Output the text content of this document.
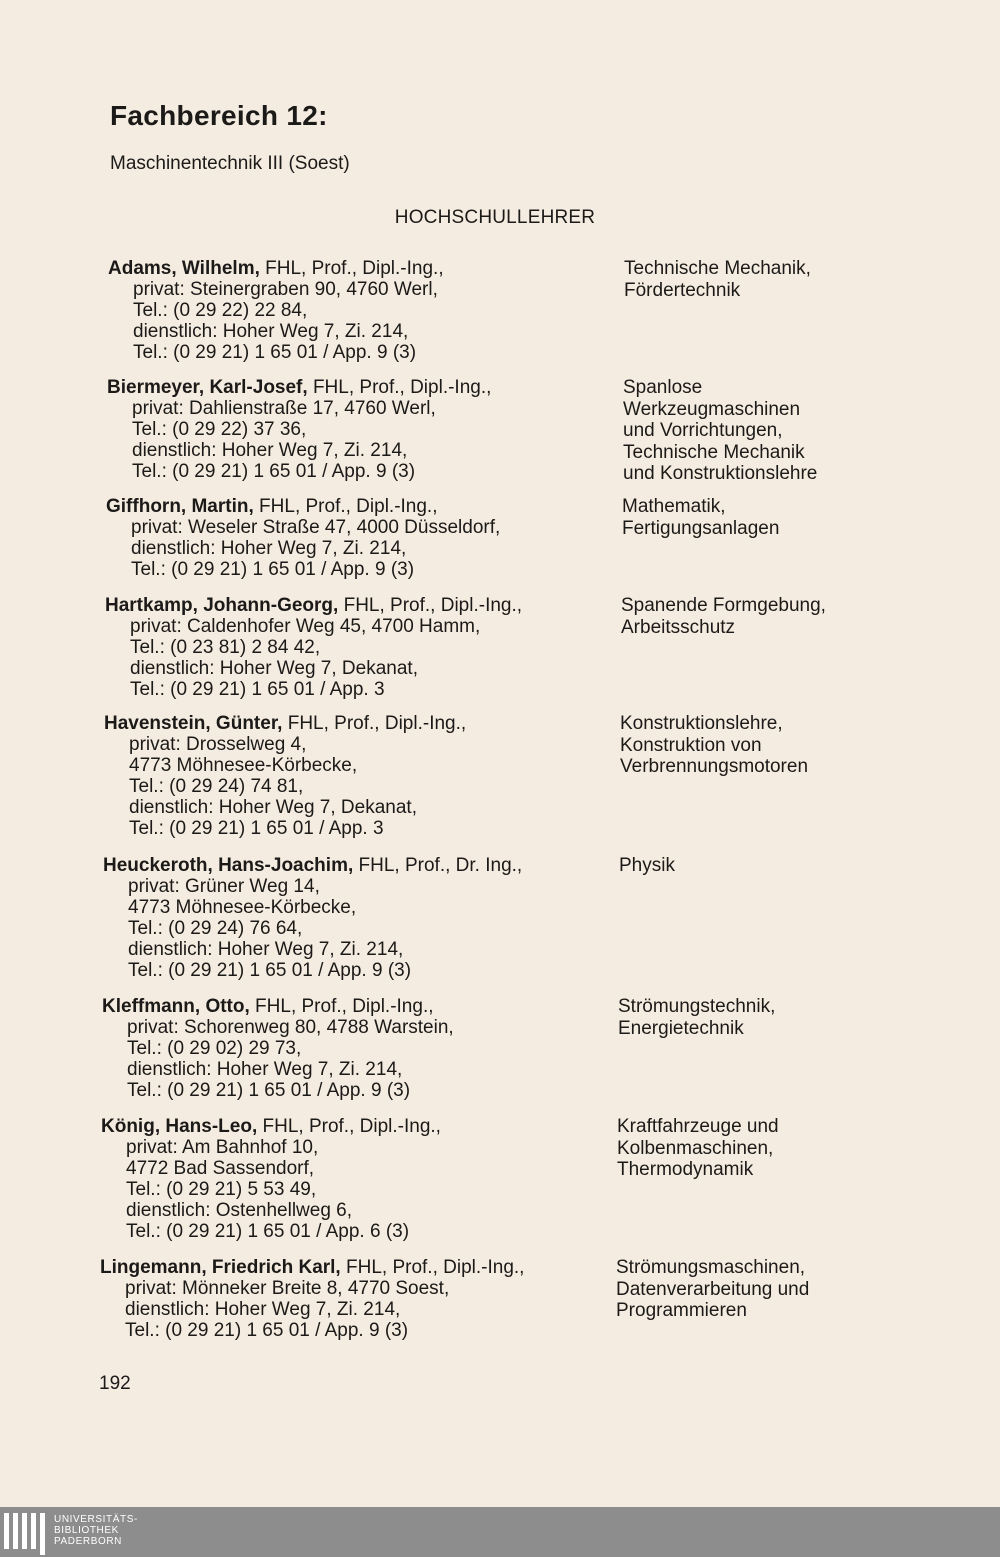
Fachbereich 12:
Maschinentechnik III (Soest)
HOCHSCHULLEHRER
Adams, Wilhelm, FHL, Prof., Dipl.-Ing.,
privat: Steinergraben 90, 4760 Werl,
Tel.: (0 29 22) 22 84,
dienstlich: Hoher Weg 7, Zi. 214,
Tel.: (0 29 21) 1 65 01 / App. 9 (3)
Technische Mechanik,
Fördertechnik
Biermeyer, Karl-Josef, FHL, Prof., Dipl.-Ing.,
privat: Dahlienstraße 17, 4760 Werl,
Tel.: (0 29 22) 37 36,
dienstlich: Hoher Weg 7, Zi. 214,
Tel.: (0 29 21) 1 65 01 / App. 9 (3)
Spanlose
Werkzeugmaschinen
und Vorrichtungen,
Technische Mechanik
und Konstruktionslehre
Giffhorn, Martin, FHL, Prof., Dipl.-Ing.,
privat: Weseler Straße 47, 4000 Düsseldorf,
dienstlich: Hoher Weg 7, Zi. 214,
Tel.: (0 29 21) 1 65 01 / App. 9 (3)
Mathematik,
Fertigungsanlagen
Hartkamp, Johann-Georg, FHL, Prof., Dipl.-Ing.,
privat: Caldenhofer Weg 45, 4700 Hamm,
Tel.: (0 23 81) 2 84 42,
dienstlich: Hoher Weg 7, Dekanat,
Tel.: (0 29 21) 1 65 01 / App. 3
Spanende Formgebung,
Arbeitsschutz
Havenstein, Günter, FHL, Prof., Dipl.-Ing.,
privat: Drosselweg 4,
4773 Möhnesee-Körbecke,
Tel.: (0 29 24) 74 81,
dienstlich: Hoher Weg 7, Dekanat,
Tel.: (0 29 21) 1 65 01 / App. 3
Konstruktionslehre,
Konstruktion von
Verbrennungsmotoren
Heuckeroth, Hans-Joachim, FHL, Prof., Dr. Ing.,
privat: Grüner Weg 14,
4773 Möhnesee-Körbecke,
Tel.: (0 29 24) 76 64,
dienstlich: Hoher Weg 7, Zi. 214,
Tel.: (0 29 21) 1 65 01 / App. 9 (3)
Physik
Kleffmann, Otto, FHL, Prof., Dipl.-Ing.,
privat: Schorenweg 80, 4788 Warstein,
Tel.: (0 29 02) 29 73,
dienstlich: Hoher Weg 7, Zi. 214,
Tel.: (0 29 21) 1 65 01 / App. 9 (3)
Strömungstechnik,
Energietechnik
König, Hans-Leo, FHL, Prof., Dipl.-Ing.,
privat: Am Bahnhof 10,
4772 Bad Sassendorf,
Tel.: (0 29 21) 5 53 49,
dienstlich: Ostenhellweg 6,
Tel.: (0 29 21) 1 65 01 / App. 6 (3)
Kraftfahrzeuge und
Kolbenmaschinen,
Thermodynamik
Lingemann, Friedrich Karl, FHL, Prof., Dipl.-Ing.,
privat: Mönneker Breite 8, 4770 Soest,
dienstlich: Hoher Weg 7, Zi. 214,
Tel.: (0 29 21) 1 65 01 / App. 9 (3)
Strömungsmaschinen,
Datenverarbeitung und
Programmieren
192
UNIVERSITÄTS-
BIBLIOTHEK
PADERBORN
